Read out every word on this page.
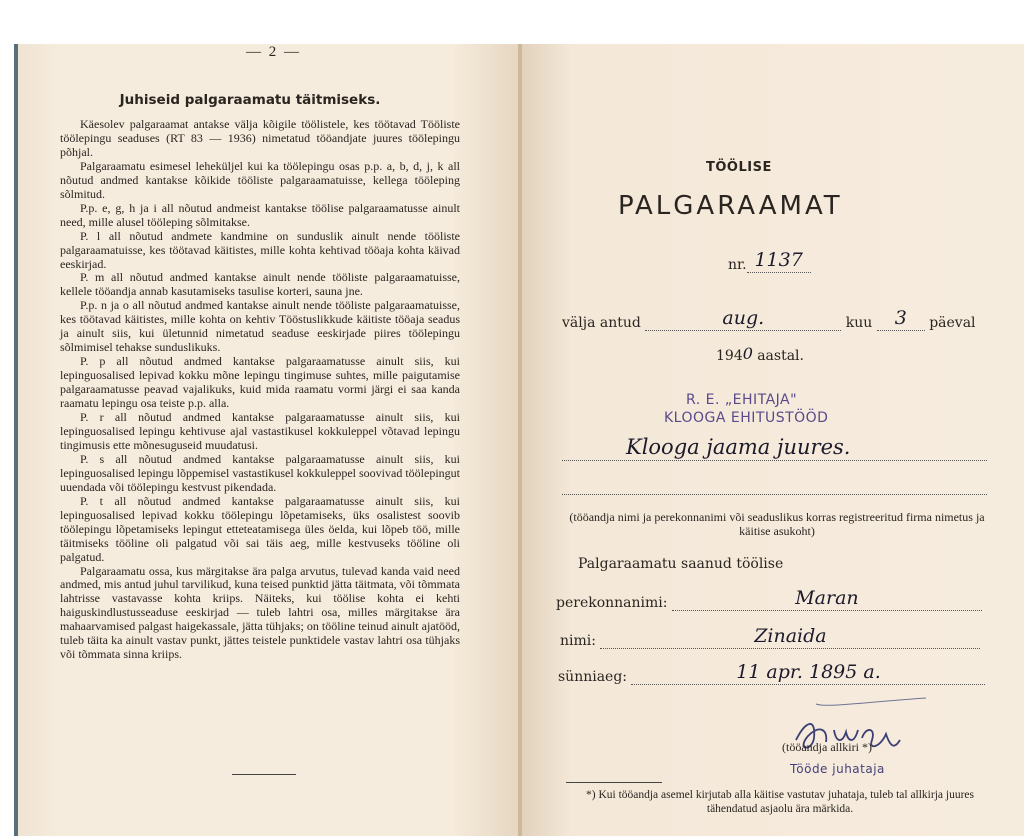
— 2 —
Juhiseid palgaraamatu täitmiseks.

Käesolev palgaraamat antakse välja kõigile töölistele, kes töötavad Tööliste töölepingu seaduses (RT 83 — 1936) nimetatud tööandjate juures töölepingu põhjal.

Palgaraamatu esimesel leheküljel kui ka töölepingu osas p.p. a, b, d, j, k all nõutud andmed kantakse kõikide tööliste palgaraamatuisse, kellega tööleping sõlmitud.

P.p. e, g, h ja i all nõutud andmeist kantakse töölise palgaraamatusse ainult need, mille alusel tööleping sõlmitakse.

P. l all nõutud andmete kandmine on sunduslik ainult nende tööliste palgaraamatuisse, kes töötavad käitistes, mille kohta kehtivad tööaja kohta käivad eeskirjad.

P. m all nõutud andmed kantakse ainult nende tööliste palgaraamatuisse, kellele tööandja annab kasutamiseks tasulise korteri, sauna jne.

P.p. n ja o all nõutud andmed kantakse ainult nende tööliste palgaraamatuisse, kes töötavad käitistes, mille kohta on kehtiv Tööstuslikkude käitiste tööaja seadus ja ainult siis, kui ületunnid nimetatud seaduse eeskirjade piires töölepingu sõlmimisel tehakse sunduslikuks.

P. p all nõutud andmed kantakse palgaraamatusse ainult siis, kui lepinguosalised lepivad kokku mõne lepingu tingimuse suhtes, mille paigutamise palgaraamatusse peavad vajalikuks, kuid mida raamatu vormi järgi ei saa kanda raamatu lepingu osa teiste p.p. alla.

P. r all nõutud andmed kantakse palgaraamatusse ainult siis, kui lepinguosalised lepingu kehtivuse ajal vastastikusel kokkuleppel võtavad lepingu tingimusis ette mõnesuguseid muudatusi.

P. s all nõutud andmed kantakse palgaraamatusse ainult siis, kui lepinguosalised lepingu lõppemisel vastastikusel kokkuleppel soovivad töölepingut uuendada või töölepingu kestvust pikendada.

P. t all nõutud andmed kantakse palgaraamatusse ainult siis, kui lepinguosalised lepivad kokku töölepingu lõpetamiseks, üks osalistest soovib töölepingu lõpetamiseks lepingut etteteatamisega üles öelda, kui lõpeb töö, mille täitmiseks tööline oli palgatud või sai täis aeg, mille kestvuseks tööline oli palgatud.

Palgaraamatu ossa, kus märgitakse ära palga arvutus, tulevad kanda vaid need andmed, mis antud juhul tarvilikud, kuna teised punktid jätta täitmata, või tõmmata lahtrisse vastavasse kohta kriips. Näiteks, kui töölise kohta ei kehti haiguskindlustusseaduse eeskirjad — tuleb lahtri osa, milles märgitakse ära mahaarvamised palgast haigekassale, jätta tühjaks; on tööline teinud ainult ajatööd, tuleb täita ka ainult vastav punkt, jättes teistele punktidele vastav lahtri osa tühjaks või tõmmata sinna kriips.

TÖÖLISE
PALGARAAMAT
nr. 1137
välja antud	aug.	kuu	3	päeval
194 0 aastal.
R. E. „EHITAJA"
KLOOGA EHITUSTÖÖD
Klooga jaama juures.
(tööandja nimi ja perekonnanimi või seaduslikus korras registreeritud firma nimetus ja käitise asukoht)
Palgaraamatu saanud töölise
perekonnanimi:	Maran
nimi:	Zinaida
sünniaeg:	11 apr. 1895 a.
(tööandja allkiri *)
Tööde juhataja
*) Kui tööandja asemel kirjutab alla käitise vastutav juhataja, tuleb tal allkirja juures tähendatud asjaolu ära märkida.
